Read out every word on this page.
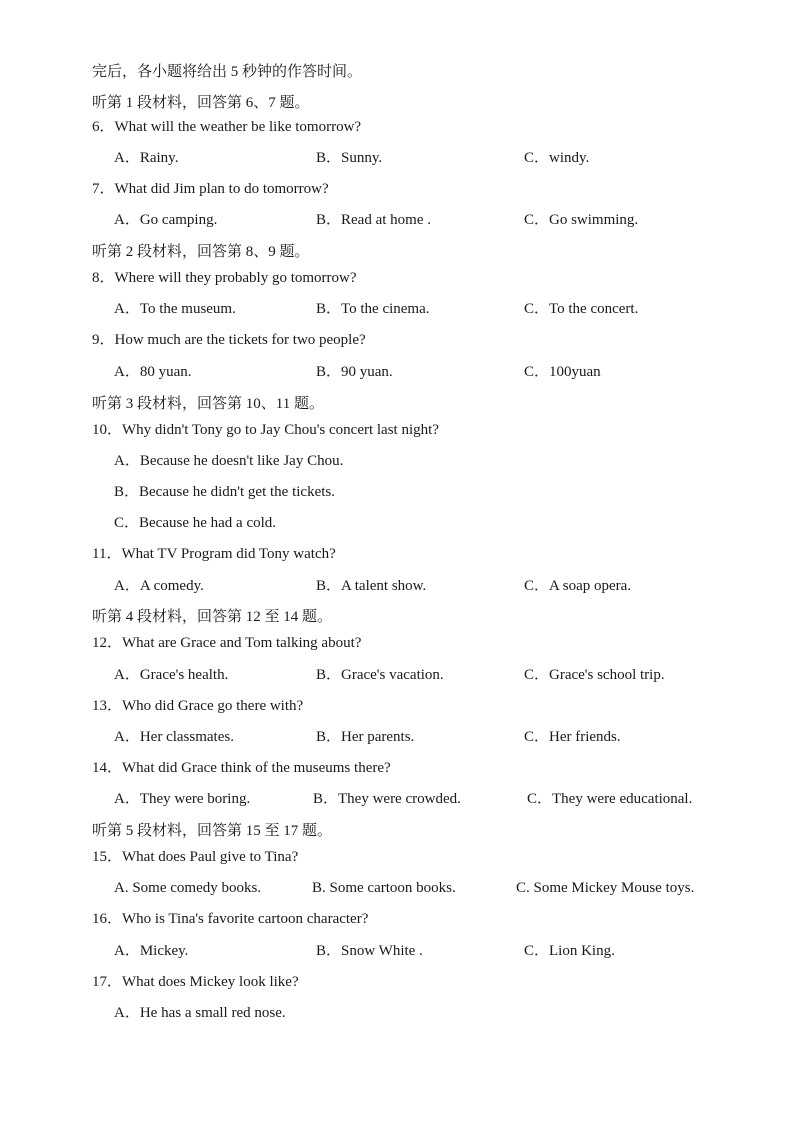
完后，各小题将给出 5 秒钟的作答时间。
听第 1 段材料，回答第 6、7 题。
6．What will the weather be like tomorrow?
A．Rainy.	B．Sunny.	C．windy.
7．What did Jim plan to do tomorrow?
A．Go camping.	B．Read at home .	C．Go swimming.
听第 2 段材料，回答第 8、9 题。
8．Where will they probably go tomorrow?
A．To the museum.	B．To the cinema.	C．To the concert.
9．How much are the tickets for two people?
A．80 yuan.	B．90 yuan.	C．100yuan
听第 3 段材料，回答第 10、11 题。
10．Why didn't Tony go to Jay Chou's concert last night?
A．Because he doesn't like Jay Chou.
B．Because he didn't get the tickets.
C．Because he had a cold.
11．What TV Program did Tony watch?
A．A comedy.	B．A talent show.	C．A soap opera.
听第 4 段材料，回答第 12 至 14 题。
12．What are Grace and Tom talking about?
A．Grace's health.	B．Grace's vacation.	C．Grace's school trip.
13．Who did Grace go there with?
A．Her classmates.	B．Her parents.	C．Her friends.
14．What did Grace think of the museums there?
A．They were boring.	B．They were crowded.	C．They were educational.
听第 5 段材料，回答第 15 至 17 题。
15．What does Paul give to Tina?
A. Some comedy books.	B. Some cartoon books.	C. Some Mickey Mouse toys.
16．Who is Tina's favorite cartoon character?
A．Mickey.	B．Snow White .	C．Lion King.
17．What does Mickey look like?
A．He has a small red nose.
